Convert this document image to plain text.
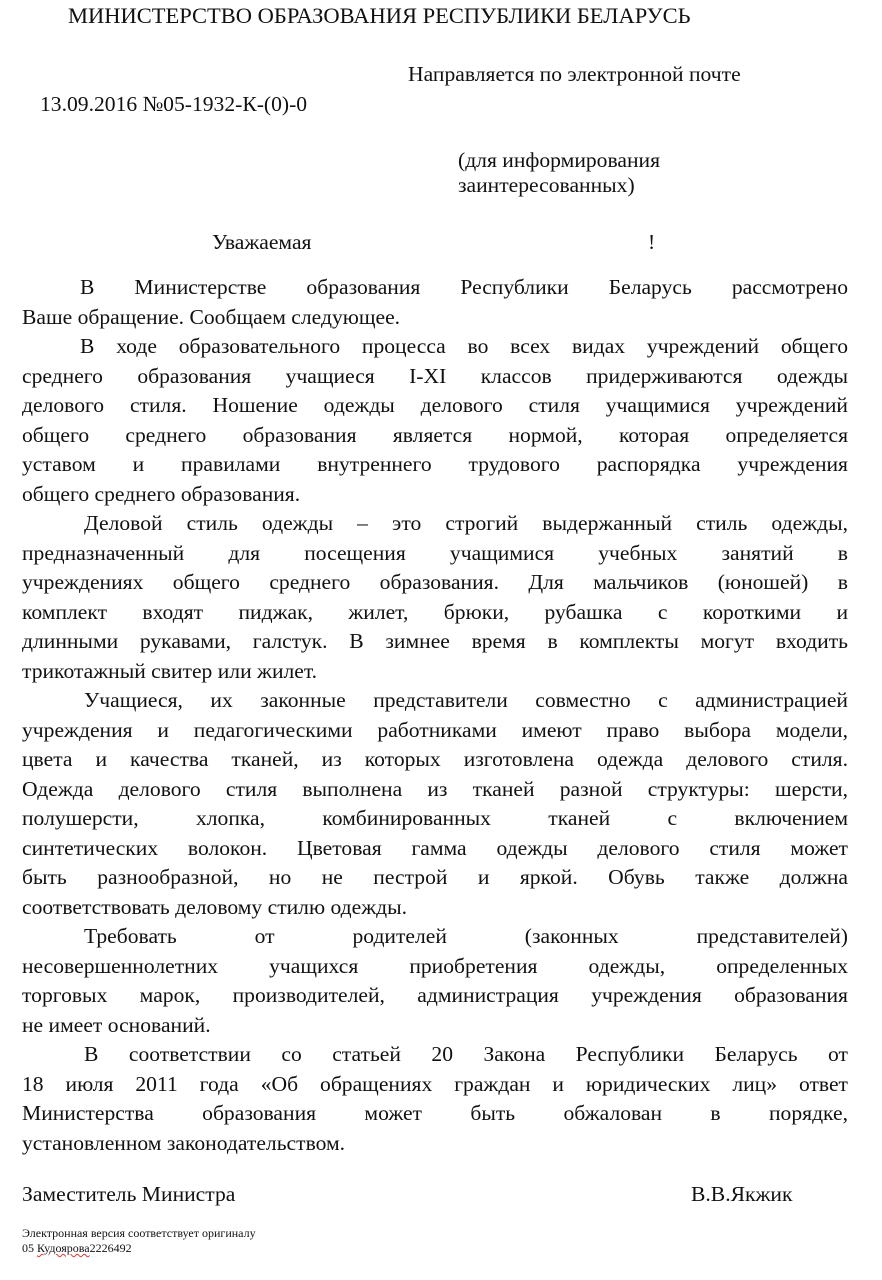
МИНИСТЕРСТВО ОБРАЗОВАНИЯ РЕСПУБЛИКИ БЕЛАРУСЬ
Направляется по электронной почте
13.09.2016 №05-1932-К-(0)-0
(для информирования
заинтересованных)
Уважаемая	!
В Министерстве образования Республики Беларусь рассмотрено
Ваше обращение. Сообщаем следующее.
В ходе образовательного процесса во всех видах учреждений общего
среднего образования учащиеся I-XI классов придерживаются одежды
делового стиля. Ношение одежды делового стиля учащимися учреждений
общего среднего образования является нормой, которая определяется
уставом и правилами внутреннего трудового распорядка учреждения
общего среднего образования.
Деловой стиль одежды – это строгий выдержанный стиль одежды,
предназначенный для посещения учащимися учебных занятий в
учреждениях общего среднего образования. Для мальчиков (юношей) в
комплект входят пиджак, жилет, брюки, рубашка с короткими и
длинными рукавами, галстук. В зимнее время в комплекты могут входить
трикотажный свитер или жилет.
Учащиеся, их законные представители совместно с администрацией
учреждения и педагогическими работниками имеют право выбора модели,
цвета и качества тканей, из которых изготовлена одежда делового стиля.
Одежда делового стиля выполнена из тканей разной структуры: шерсти,
полушерсти, хлопка, комбинированных тканей с включением
синтетических волокон. Цветовая гамма одежды делового стиля может
быть разнообразной, но не пестрой и яркой. Обувь также должна
соответствовать деловому стилю одежды.
Требовать от родителей (законных представителей)
несовершеннолетних учащихся приобретения одежды, определенных
торговых марок, производителей, администрация учреждения образования
не имеет оснований.
В соответствии со статьей 20 Закона Республики Беларусь от
18 июля 2011 года «Об обращениях граждан и юридических лиц» ответ
Министерства образования может быть обжалован в порядке,
установленном законодательством.
Заместитель Министра	В.В.Якжик
Электронная версия соответствует оригиналу
05 Кудоярова2226492
